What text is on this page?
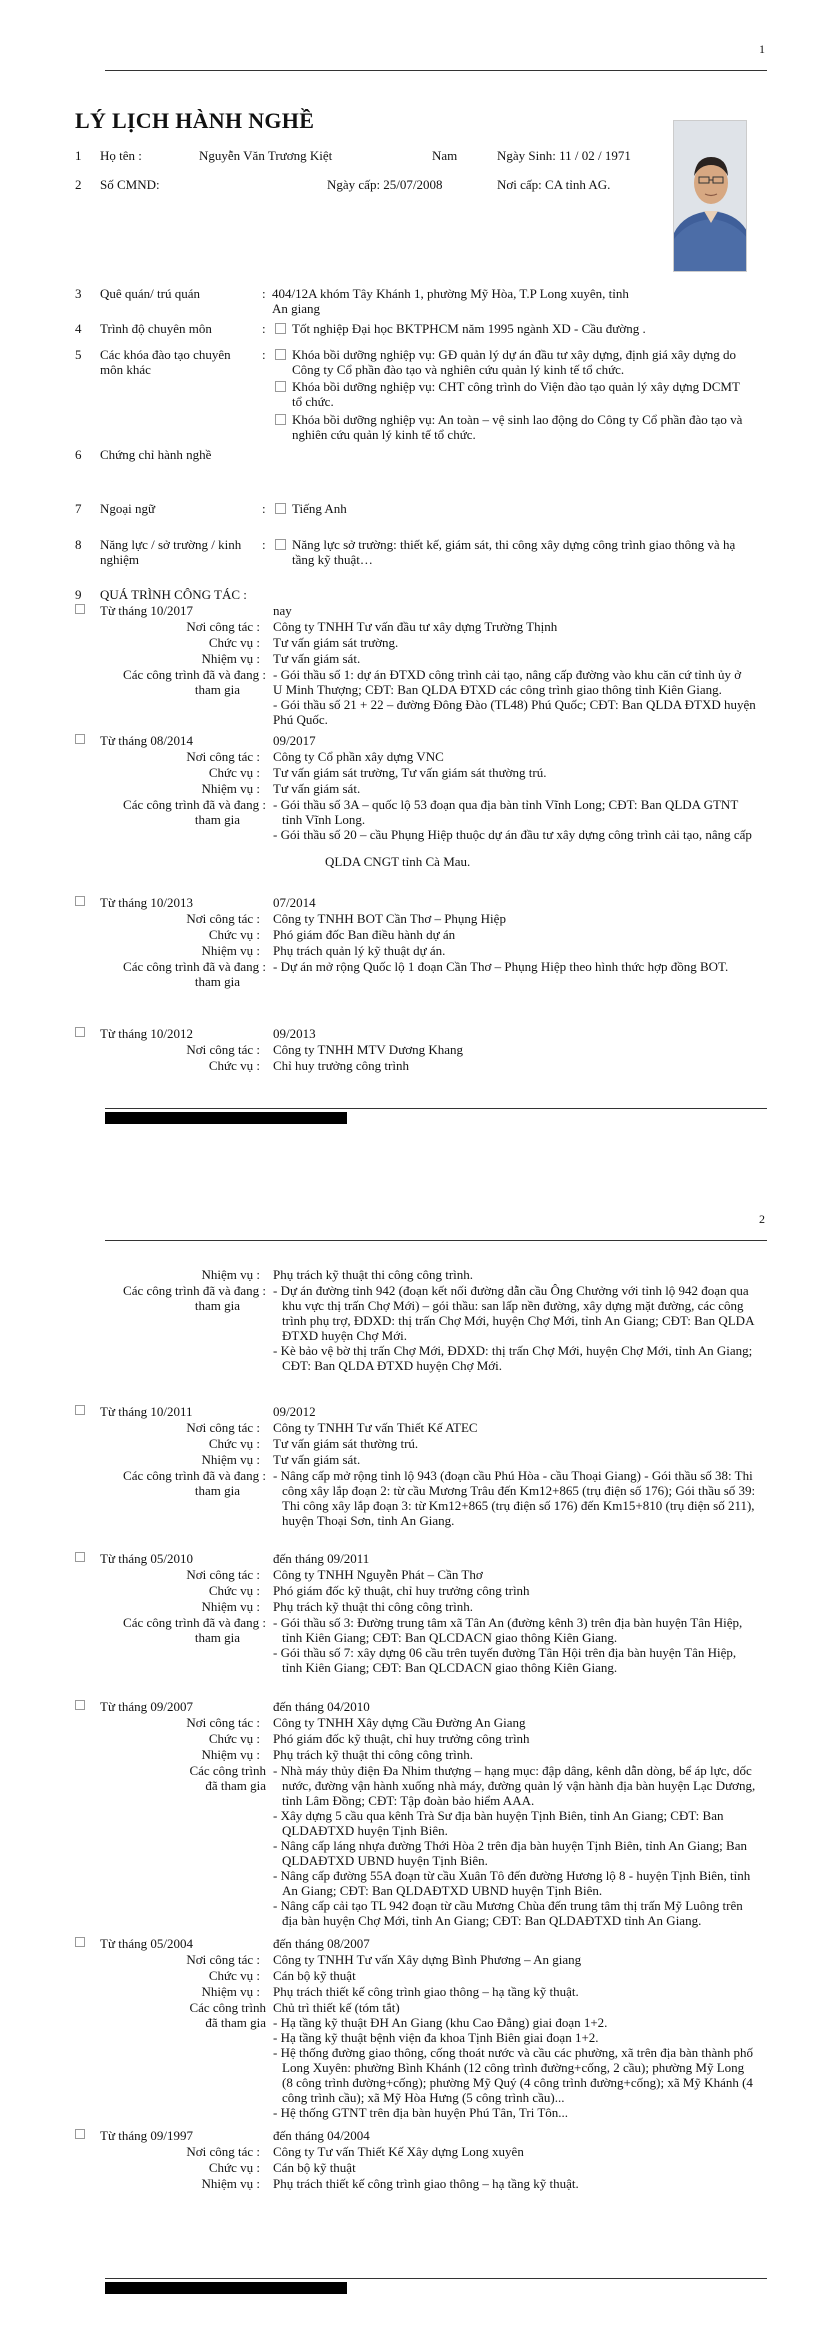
1
LÝ LỊCH HÀNH NGHỀ
1 Họ tên :	Nguyễn Văn Trương Kiệt	Nam	Ngày Sinh: 11 / 02 / 1971
2 Số CMND:	Ngày cấp: 25/07/2008	Nơi cấp: CA tỉnh AG.
3 Quê quán/ trú quán	: 404/12A khóm Tây Khánh 1, phường Mỹ Hòa, T.P Long xuyên, tỉnh
An giang
4 Trình độ chuyên môn	: Tốt nghiệp Đại học BKTPHCM năm 1995 ngành XD - Cầu đường .
5 Các khóa đào tạo chuyên
môn khác
: Khóa bồi dưỡng nghiệp vụ: GĐ quản lý dự án đầu tư xây dựng, định giá xây dựng do
Công ty Cổ phần đào tạo và nghiên cứu quản lý kinh tế tổ chức.
Khóa bồi dưỡng nghiệp vụ: CHT công trình do Viện đào tạo quản lý xây dựng DCMT
tổ chức.
Khóa bồi dưỡng nghiệp vụ: An toàn – vệ sinh lao động do Công ty Cổ phần đào tạo và
nghiên cứu quản lý kinh tế tổ chức.
6 Chứng chỉ hành nghề
7 Ngoại ngữ	: Tiếng Anh
8 Năng lực / sở trường / kinh
nghiệm
: Năng lực sở trường: thiết kế, giám sát, thi công xây dựng công trình giao thông và hạ
tầng kỹ thuật…
9 QUÁ TRÌNH CÔNG TÁC :
Từ tháng 10/2017	nay
Nơi công tác : Công ty TNHH Tư vấn đầu tư xây dựng Trường Thịnh
Chức vụ : Tư vấn giám sát trường.
Nhiệm vụ : Tư vấn giám sát.
Các công trình đã và đang :
tham gia
- Gói thầu số 1: dự án ĐTXD công trình cải tạo, nâng cấp đường vào khu căn cứ tỉnh ủy ở
U Minh Thượng; CĐT: Ban QLDA ĐTXD các công trình giao thông tỉnh Kiên Giang.
- Gói thầu số 21 + 22 – đường Đông Đào (TL48) Phú Quốc; CĐT: Ban QLDA ĐTXD huyện
Phú Quốc.
Từ tháng 08/2014	09/2017
Nơi công tác : Công ty Cổ phần xây dựng VNC
Chức vụ : Tư vấn giám sát trường, Tư vấn giám sát thường trú.
Nhiệm vụ : Tư vấn giám sát.
Các công trình đã và đang :
tham gia
- Gói thầu số 3A – quốc lộ 53 đoạn qua địa bàn tỉnh Vĩnh Long; CĐT: Ban QLDA GTNT
tỉnh Vĩnh Long.
- Gói thầu số 20 – cầu Phụng Hiệp thuộc dự án đầu tư xây dựng công trình cải tạo, nâng cấp
QLDA CNGT tỉnh Cà Mau.
Từ tháng 10/2013	07/2014
Nơi công tác : Công ty TNHH BOT Cần Thơ – Phụng Hiệp
Chức vụ : Phó giám đốc Ban điều hành dự án
Nhiệm vụ : Phụ trách quản lý kỹ thuật dự án.
Các công trình đã và đang :
tham gia
- Dự án mở rộng Quốc lộ 1 đoạn Cần Thơ – Phụng Hiệp theo hình thức hợp đồng BOT.
Từ tháng 10/2012	09/2013
Nơi công tác : Công ty TNHH MTV Dương Khang
Chức vụ : Chỉ huy trưởng công trình
2
Nhiệm vụ : Phụ trách kỹ thuật thi công công trình.
Các công trình đã và đang :
tham gia
- Dự án đường tỉnh 942 (đoạn kết nối đường dẫn cầu Ông Chưởng với tỉnh lộ 942 đoạn qua
khu vực thị trấn Chợ Mới) – gói thầu: san lấp nền đường, xây dựng mặt đường, các công
trình phụ trợ, ĐDXD: thị trấn Chợ Mới, huyện Chợ Mới, tỉnh An Giang; CĐT: Ban QLDA
ĐTXD huyện Chợ Mới.
- Kè bảo vệ bờ thị trấn Chợ Mới, ĐDXD: thị trấn Chợ Mới, huyện Chợ Mới, tỉnh An Giang;
CĐT: Ban QLDA ĐTXD huyện Chợ Mới.
Từ tháng 10/2011	09/2012
Nơi công tác : Công ty TNHH Tư vấn Thiết Kế ATEC
Chức vụ : Tư vấn giám sát thường trú.
Nhiệm vụ : Tư vấn giám sát.
Các công trình đã và đang :
tham gia
- Nâng cấp mở rộng tỉnh lộ 943 (đoạn cầu Phú Hòa - cầu Thoại Giang) - Gói thầu số 38: Thi
công xây lắp đoạn 2: từ cầu Mương Trâu đến Km12+865 (trụ điện số 176); Gói thầu số 39:
Thi công xây lắp đoạn 3: từ Km12+865 (trụ điện số 176) đến Km15+810 (trụ điện số 211),
huyện Thoại Sơn, tỉnh An Giang.
Từ tháng 05/2010	đến tháng 09/2011
Nơi công tác : Công ty TNHH Nguyễn Phát – Cần Thơ
Chức vụ : Phó giám đốc kỹ thuật, chỉ huy trưởng công trình
Nhiệm vụ : Phụ trách kỹ thuật thi công công trình.
Các công trình đã và đang :
tham gia
- Gói thầu số 3: Đường trung tâm xã Tân An (đường kênh 3) trên địa bàn huyện Tân Hiệp,
tỉnh Kiên Giang; CĐT: Ban QLCDACN giao thông Kiên Giang.
- Gói thầu số 7: xây dựng 06 cầu trên tuyến đường Tân Hội trên địa bàn huyện Tân Hiệp,
tỉnh Kiên Giang; CĐT: Ban QLCDACN giao thông Kiên Giang.
Từ tháng 09/2007	đến tháng 04/2010
Nơi công tác : Công ty TNHH Xây dựng Cầu Đường An Giang
Chức vụ : Phó giám đốc kỹ thuật, chỉ huy trưởng công trình
Nhiệm vụ : Phụ trách kỹ thuật thi công công trình.
Các công trình
đã tham gia
- Nhà máy thủy điện Đa Nhim thượng – hạng mục: đập dâng, kênh dẫn dòng, bể áp lực, dốc
nước, đường vận hành xuống nhà máy, đường quản lý vận hành địa bàn huyện Lạc Dương,
tỉnh Lâm Đồng; CĐT: Tập đoàn bảo hiểm AAA.
- Xây dựng 5 cầu qua kênh Trà Sư địa bàn huyện Tịnh Biên, tỉnh An Giang; CĐT: Ban
QLDAĐTXD huyện Tịnh Biên.
- Nâng cấp láng nhựa đường Thới Hòa 2 trên địa bàn huyện Tịnh Biên, tỉnh An Giang; Ban
QLDAĐTXD UBND huyện Tịnh Biên.
- Nâng cấp đường 55A đoạn từ cầu Xuân Tô đến đường Hương lộ 8 - huyện Tịnh Biên, tỉnh
An Giang; CĐT: Ban QLDAĐTXD UBND huyện Tịnh Biên.
- Nâng cấp cải tạo TL 942 đoạn từ cầu Mương Chùa đến trung tâm thị trấn Mỹ Luông trên
địa bàn huyện Chợ Mới, tỉnh An Giang; CĐT: Ban QLDAĐTXD tỉnh An Giang.
Từ tháng 05/2004	đến tháng 08/2007
Nơi công tác : Công ty TNHH Tư vấn Xây dựng Bình Phương – An giang
Chức vụ : Cán bộ kỹ thuật
Nhiệm vụ : Phụ trách thiết kế công trình giao thông – hạ tầng kỹ thuật.
Các công trình
đã tham gia
Chủ trì thiết kế (tóm tắt)
- Hạ tầng kỹ thuật ĐH An Giang (khu Cao Đẳng) giai đoạn 1+2.
- Hạ tầng kỹ thuật bệnh viện đa khoa Tịnh Biên giai đoạn 1+2.
- Hệ thống đường giao thông, cống thoát nước và cầu các phường, xã trên địa bàn thành phố
Long Xuyên: phường Bình Khánh (12 công trình đường+cống, 2 cầu); phường Mỹ Long
(8 công trình đường+cống); phường Mỹ Quý (4 công trình đường+cống); xã Mỹ Khánh (4
công trình cầu); xã Mỹ Hòa Hưng (5 công trình cầu)...
- Hệ thống GTNT trên địa bàn huyện Phú Tân, Tri Tôn...
Từ tháng 09/1997	đến tháng 04/2004
Nơi công tác : Công ty Tư vấn Thiết Kế Xây dựng Long xuyên
Chức vụ : Cán bộ kỹ thuật
Nhiệm vụ : Phụ trách thiết kế công trình giao thông – hạ tầng kỹ thuật.
